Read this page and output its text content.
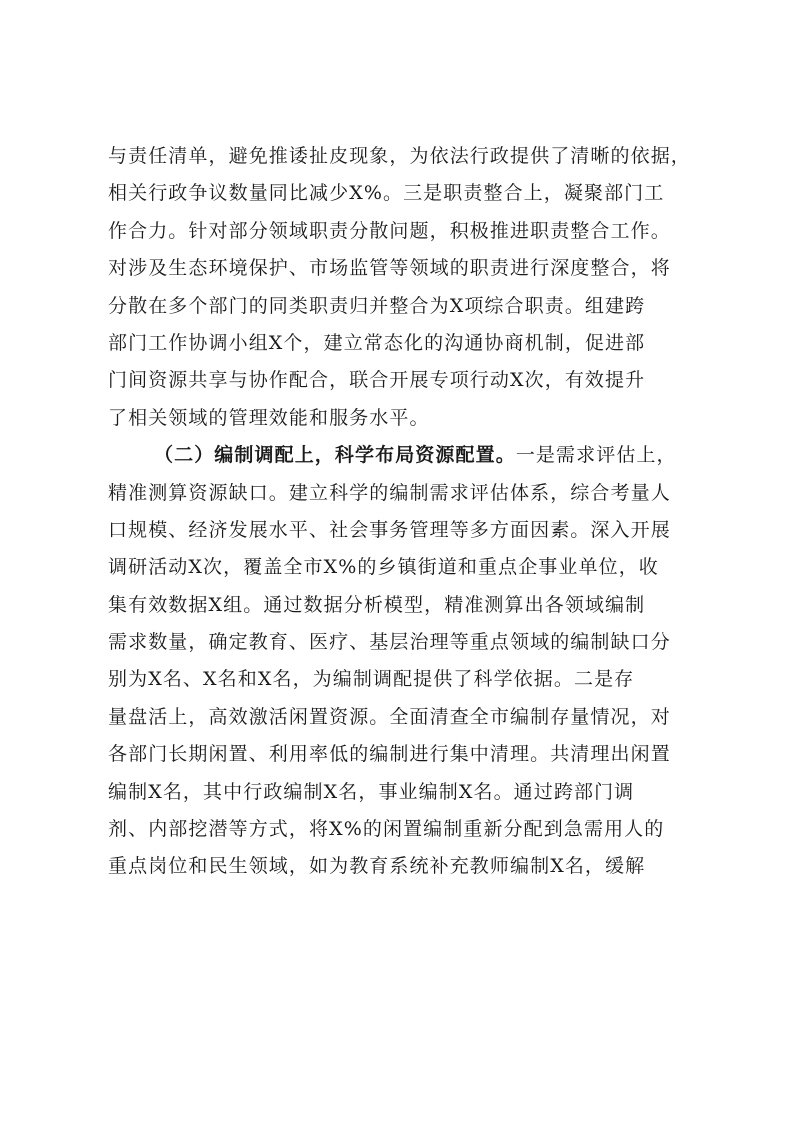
与责任清单，避免推诿扯皮现象，为依法行政提供了清晰的依据，
相关行政争议数量同比减少X%。三是职责整合上，凝聚部门工
作合力。针对部分领域职责分散问题，积极推进职责整合工作。
对涉及生态环境保护、市场监管等领域的职责进行深度整合，将
分散在多个部门的同类职责归并整合为X项综合职责。组建跨
部门工作协调小组X个，建立常态化的沟通协商机制，促进部
门间资源共享与协作配合，联合开展专项行动X次，有效提升
了相关领域的管理效能和服务水平。
（二）编制调配上，科学布局资源配置。一是需求评估上，
精准测算资源缺口。建立科学的编制需求评估体系，综合考量人
口规模、经济发展水平、社会事务管理等多方面因素。深入开展
调研活动X次，覆盖全市X%的乡镇街道和重点企事业单位，收
集有效数据X组。通过数据分析模型，精准测算出各领域编制
需求数量，确定教育、医疗、基层治理等重点领域的编制缺口分
别为X名、X名和X名，为编制调配提供了科学依据。二是存
量盘活上，高效激活闲置资源。全面清查全市编制存量情况，对
各部门长期闲置、利用率低的编制进行集中清理。共清理出闲置
编制X名，其中行政编制X名，事业编制X名。通过跨部门调
剂、内部挖潜等方式，将X%的闲置编制重新分配到急需用人的
重点岗位和民生领域，如为教育系统补充教师编制X名，缓解
